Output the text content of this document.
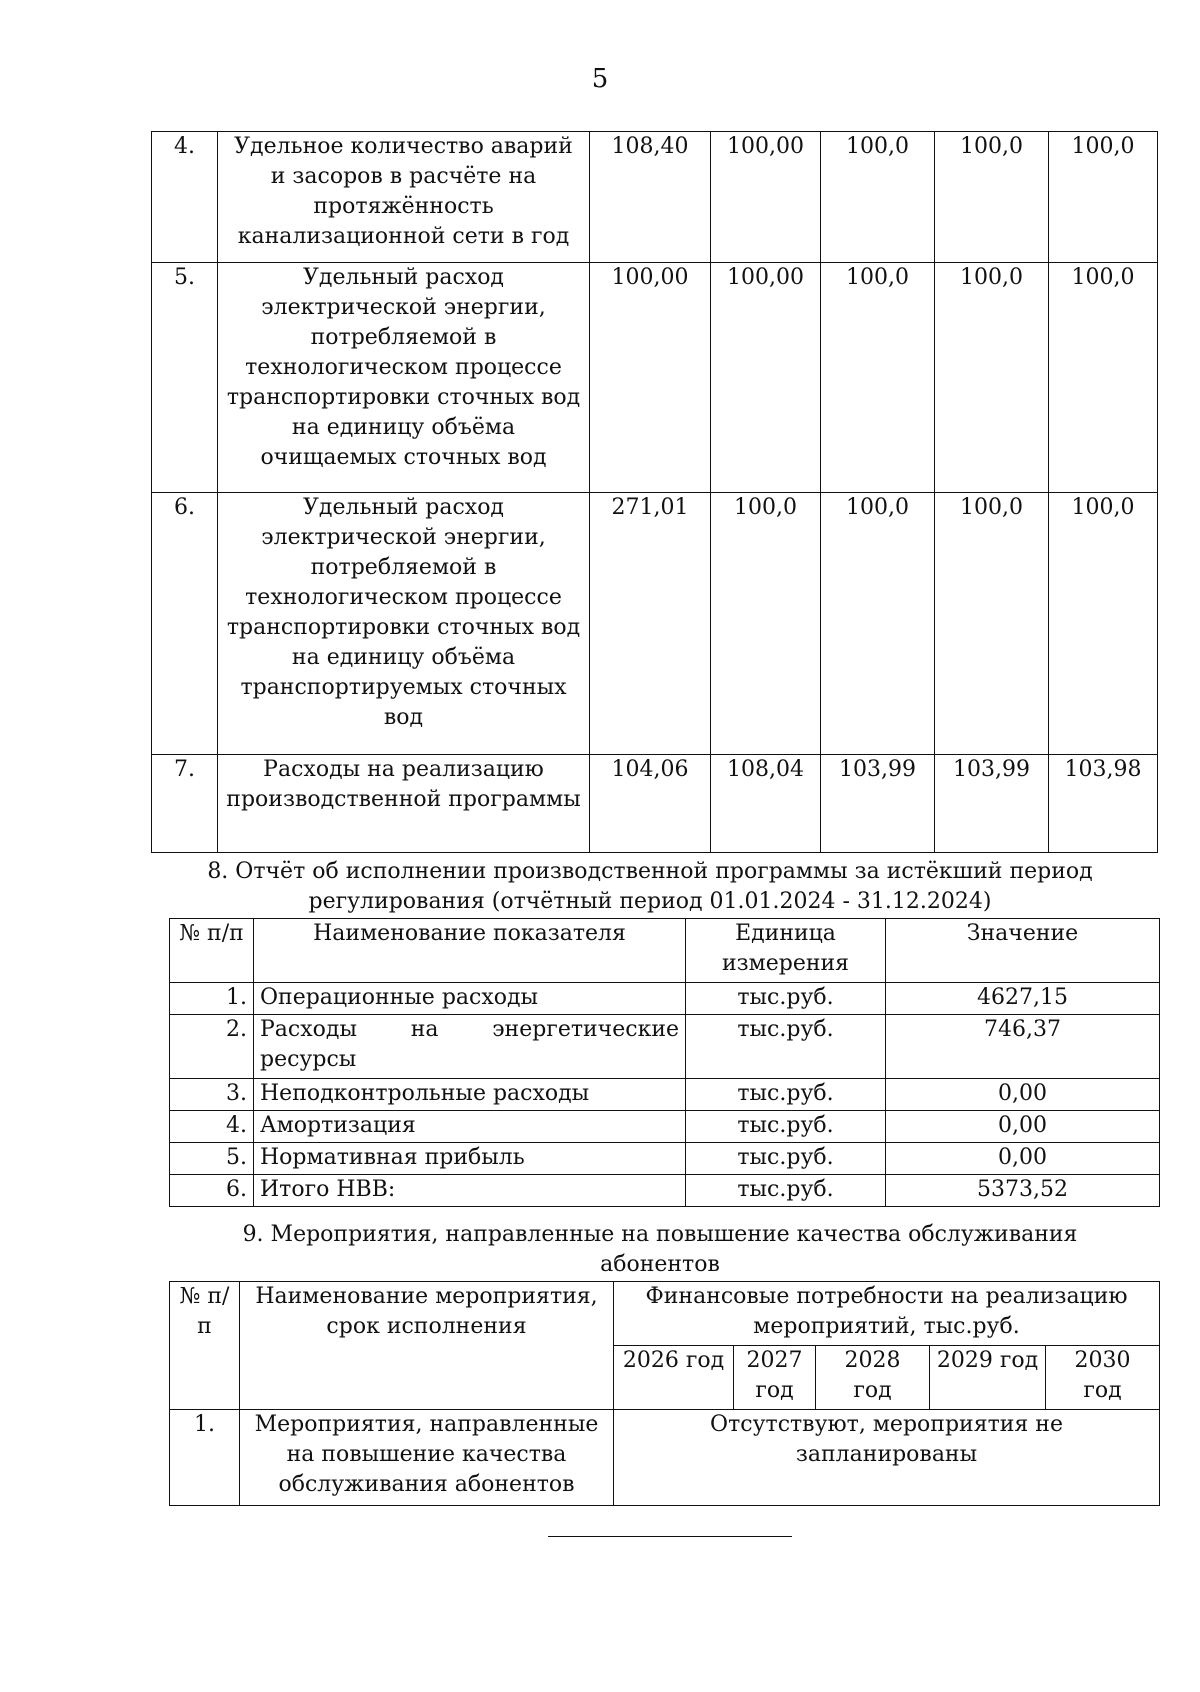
5
4.	Удельное количество аварий и засоров в расчёте на протяжённость канализационной сети в год	108,40	100,00	100,0	100,0	100,0
5.	Удельный расход электрической энергии, потребляемой в технологическом процессе транспортировки сточных вод на единицу объёма очищаемых сточных вод	100,00	100,00	100,0	100,0	100,0
6.	Удельный расход электрической энергии, потребляемой в технологическом процессе транспортировки сточных вод на единицу объёма транспортируемых сточных вод	271,01	100,0	100,0	100,0	100,0
7.	Расходы на реализацию производственной программы	104,06	108,04	103,99	103,99	103,98
8. Отчёт об исполнении производственной программы за истёкший период регулирования (отчётный период 01.01.2024 - 31.12.2024)
№ п/п	Наименование показателя	Единица измерения	Значение
1.	Операционные расходы	тыс.руб.	4627,15
2.	Расходы на энергетические ресурсы	тыс.руб.	746,37
3.	Неподконтрольные расходы	тыс.руб.	0,00
4.	Амортизация	тыс.руб.	0,00
5.	Нормативная прибыль	тыс.руб.	0,00
6.	Итого НВВ:	тыс.руб.	5373,52
9. Мероприятия, направленные на повышение качества обслуживания абонентов
№ п/п	Наименование мероприятия, срок исполнения	Финансовые потребности на реализацию мероприятий, тыс.руб.				
		2026 год	2027 год	2028 год	2029 год	2030 год
1.	Мероприятия, направленные на повышение качества обслуживания абонентов	Отсутствуют, мероприятия не запланированы				
